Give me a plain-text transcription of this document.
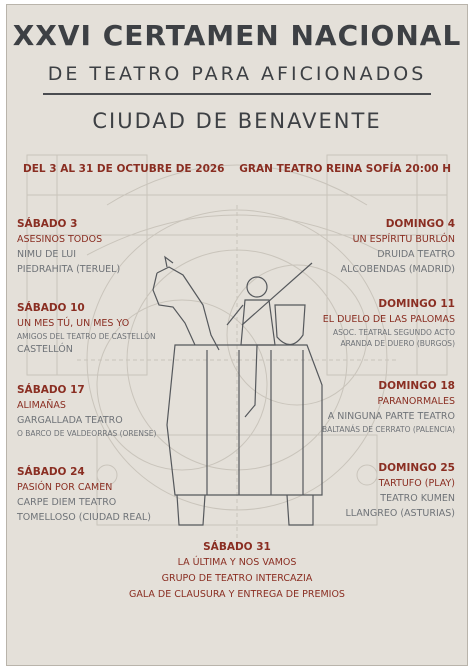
XXVI CERTAMEN NACIONAL
DE TEATRO PARA AFICIONADOS
CIUDAD DE BENAVENTE
DEL 3 AL 31 DE OCTUBRE DE 2026 GRAN TEATRO REINA SOFÍA 20:00 H
SÁBADO 3
ASESINOS TODOS
NIMU DE LUI
PIEDRAHITA (TERUEL)
SÁBADO 10
UN MES TÚ, UN MES YO
AMIGOS DEL TEATRO DE CASTELLÓN
CASTELLÓN
SÁBADO 17
ALIMAÑAS
GARGALLADA TEATRO
O BARCO DE VALDEORRAS (ORENSE)
SÁBADO 24
PASIÓN POR CAMEN
CARPE DIEM TEATRO
TOMELLOSO (CIUDAD REAL)
DOMINGO 4
UN ESPÍRITU BURLÓN
DRUIDA TEATRO
ALCOBENDAS (MADRID)
DOMINGO 11
EL DUELO DE LAS PALOMAS
ASOC. TEATRAL SEGUNDO ACTO
ARANDA DE DUERO (BURGOS)
DOMINGO 18
PARANORMALES
A NINGUNA PARTE TEATRO
BALTANÁS DE CERRATO (PALENCIA)
DOMINGO 25
TARTUFO (PLAY)
TEATRO KUMEN
LLANGREO (ASTURIAS)
SÁBADO 31
LA ÚLTIMA Y NOS VAMOS
GRUPO DE TEATRO INTERCAZIA
GALA DE CLAUSURA Y ENTREGA DE PREMIOS
